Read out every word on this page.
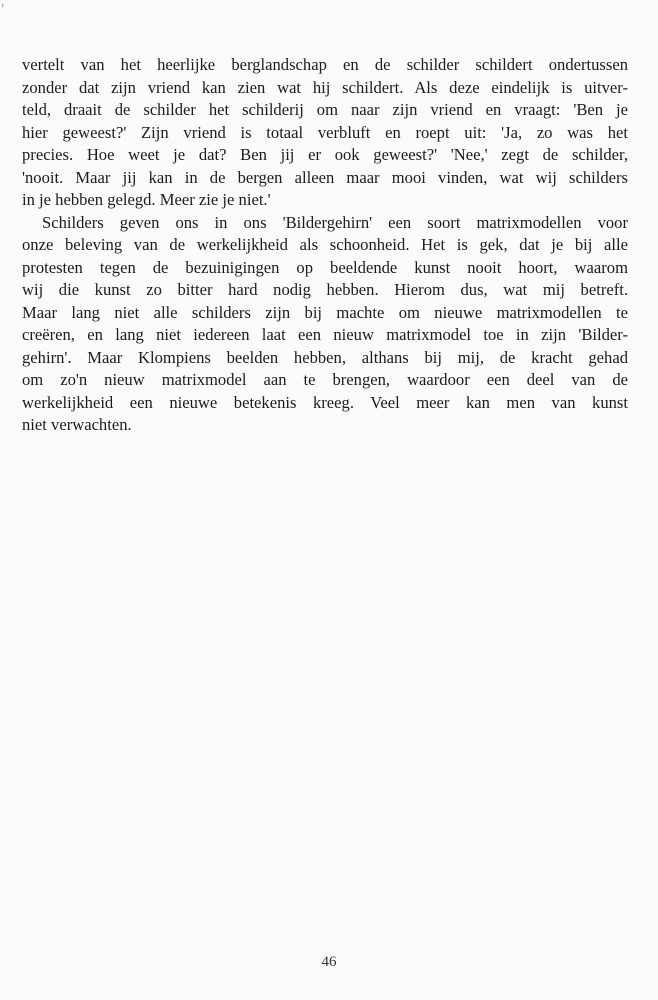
›
vertelt van het heerlijke berglandschap en de schilder schildert ondertussen
zonder dat zijn vriend kan zien wat hij schildert. Als deze eindelijk is uitver-
teld, draait de schilder het schilderij om naar zijn vriend en vraagt: 'Ben je
hier geweest?' Zijn vriend is totaal verbluft en roept uit: 'Ja, zo was het
precies. Hoe weet je dat? Ben jij er ook geweest?' 'Nee,' zegt de schilder,
'nooit. Maar jij kan in de bergen alleen maar mooi vinden, wat wij schilders
in je hebben gelegd. Meer zie je niet.'
Schilders geven ons in ons 'Bildergehirn' een soort matrixmodellen voor
onze beleving van de werkelijkheid als schoonheid. Het is gek, dat je bij alle
protesten tegen de bezuinigingen op beeldende kunst nooit hoort, waarom
wij die kunst zo bitter hard nodig hebben. Hierom dus, wat mij betreft.
Maar lang niet alle schilders zijn bij machte om nieuwe matrixmodellen te
creëren, en lang niet iedereen laat een nieuw matrixmodel toe in zijn 'Bilder-
gehirn'. Maar Klompiens beelden hebben, althans bij mij, de kracht gehad
om zo'n nieuw matrixmodel aan te brengen, waardoor een deel van de
werkelijkheid een nieuwe betekenis kreeg. Veel meer kan men van kunst
niet verwachten.
46
